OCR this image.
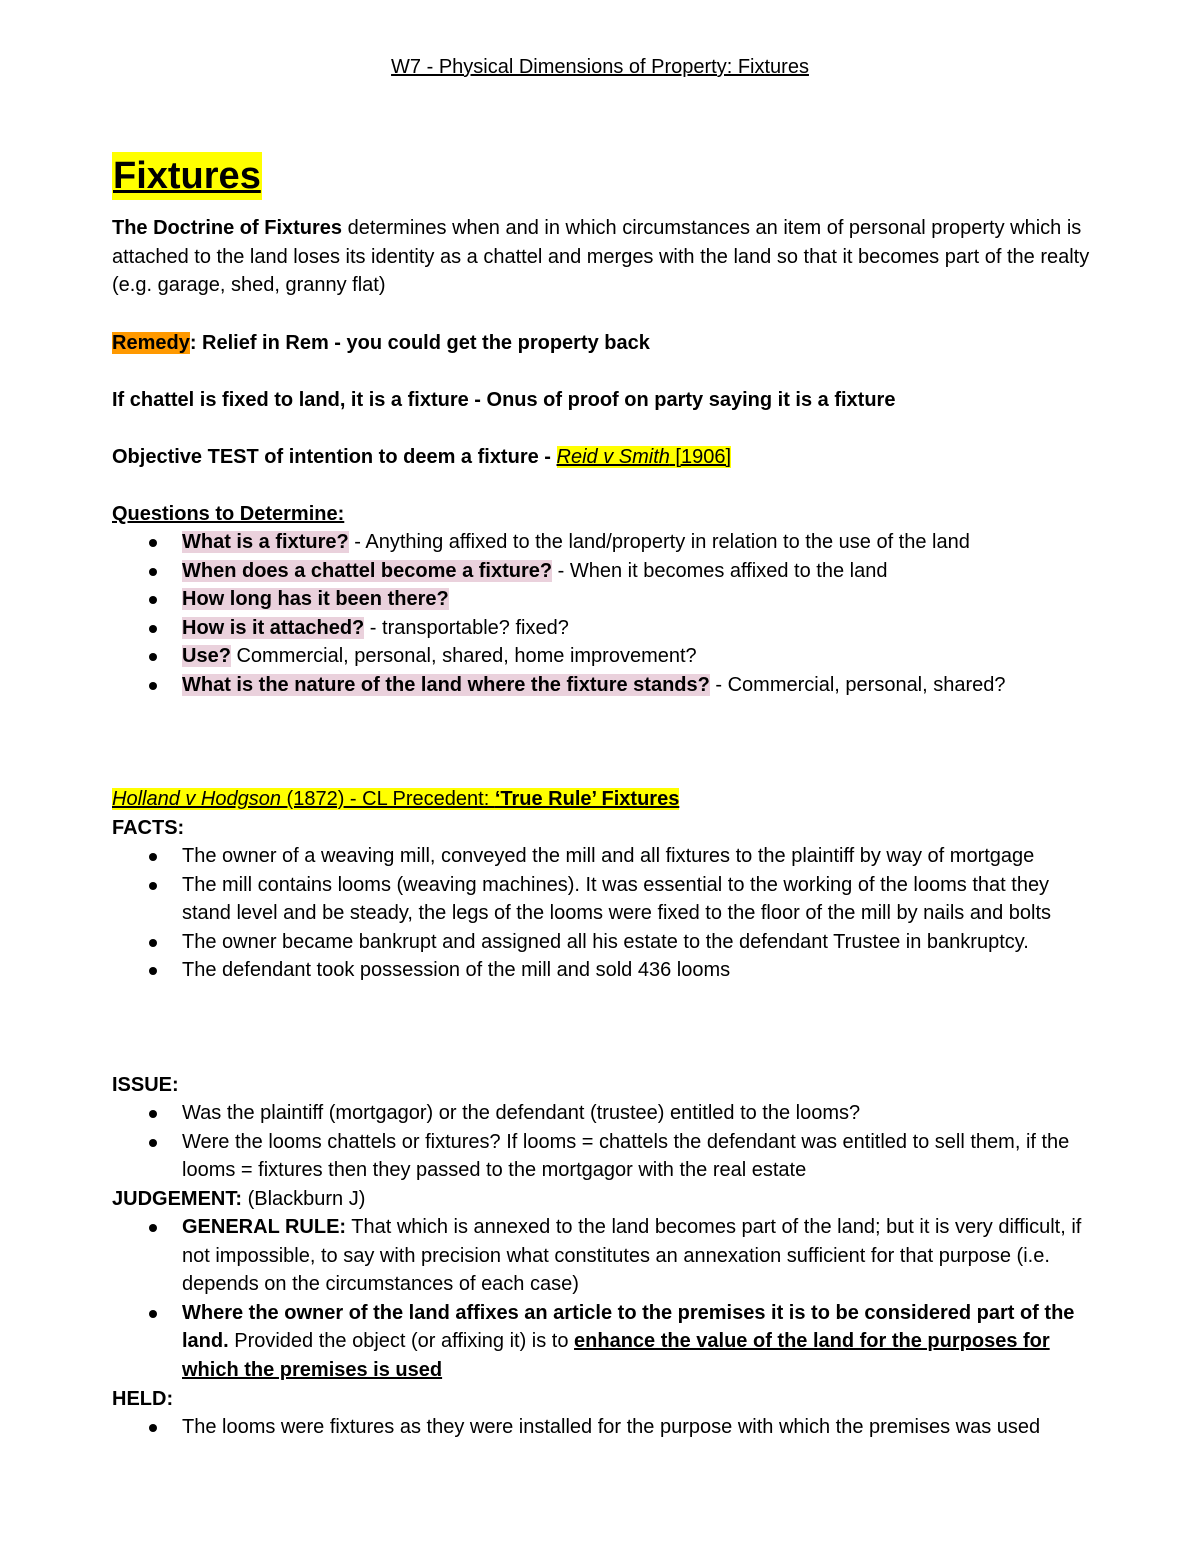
W7 - Physical Dimensions of Property: Fixtures
Fixtures
The Doctrine of Fixtures determines when and in which circumstances an item of personal property which is attached to the land loses its identity as a chattel and merges with the land so that it becomes part of the realty (e.g. garage, shed, granny flat)
Remedy: Relief in Rem - you could get the property back
If chattel is fixed to land, it is a fixture - Onus of proof on party saying it is a fixture
Objective TEST of intention to deem a fixture - Reid v Smith [1906]
Questions to Determine:
What is a fixture? - Anything affixed to the land/property in relation to the use of the land
When does a chattel become a fixture? - When it becomes affixed to the land
How long has it been there?
How is it attached? - transportable? fixed?
Use? Commercial, personal, shared, home improvement?
What is the nature of the land where the fixture stands? - Commercial, personal, shared?
Holland v Hodgson (1872) - CL Precedent: ‘True Rule’ Fixtures
FACTS:
The owner of a weaving mill, conveyed the mill and all fixtures to the plaintiff by way of mortgage
The mill contains looms (weaving machines). It was essential to the working of the looms that they stand level and be steady, the legs of the looms were fixed to the floor of the mill by nails and bolts
The owner became bankrupt and assigned all his estate to the defendant Trustee in bankruptcy.
The defendant took possession of the mill and sold 436 looms
ISSUE:
Was the plaintiff (mortgagor) or the defendant (trustee) entitled to the looms?
Were the looms chattels or fixtures? If looms = chattels the defendant was entitled to sell them, if the looms = fixtures then they passed to the mortgagor with the real estate
JUDGEMENT: (Blackburn J)
GENERAL RULE: That which is annexed to the land becomes part of the land; but it is very difficult, if not impossible, to say with precision what constitutes an annexation sufficient for that purpose (i.e. depends on the circumstances of each case)
Where the owner of the land affixes an article to the premises it is to be considered part of the land. Provided the object (or affixing it) is to enhance the value of the land for the purposes for which the premises is used
HELD:
The looms were fixtures as they were installed for the purpose with which the premises was used
